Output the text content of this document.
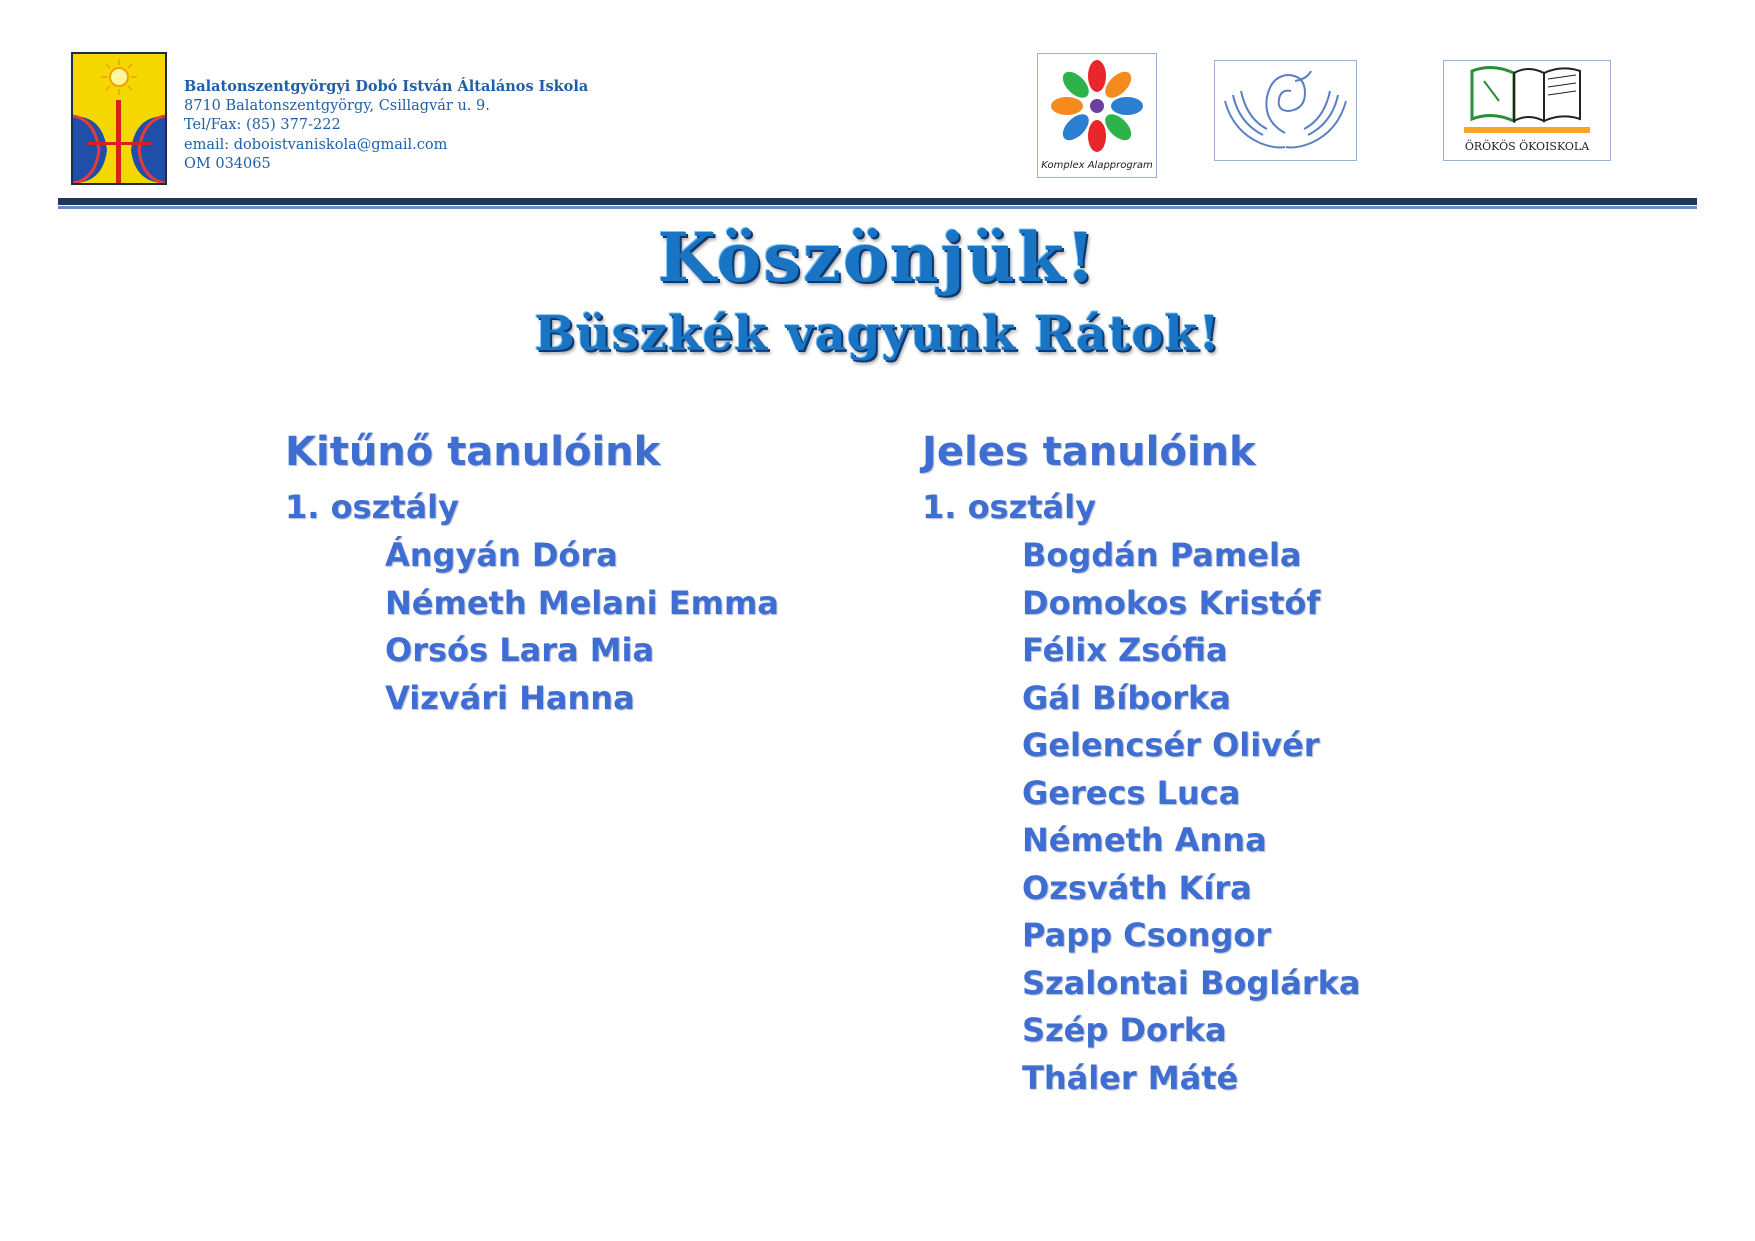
Balatonszentgyörgyi Dobó István Általános Iskola
8710 Balatonszentgyörgy, Csillagvár u. 9.
Tel/Fax: (85) 377-222
email: doboistvaniskola@gmail.com
OM 034065	Komplex Alapprogram
ÖRÖKÖS ÖKOISKOLA
Köszönjük!
Büszkék vagyunk Rátok!
Kitűnő tanulóink
1. osztály
Ángyán Dóra
Németh Melani Emma
Orsós Lara Mia
Vizvári Hanna
Jeles tanulóink
1. osztály
Bogdán Pamela
Domokos Kristóf
Félix Zsófia
Gál Bíborka
Gelencsér Olivér
Gerecs Luca
Németh Anna
Ozsváth Kíra
Papp Csongor
Szalontai Boglárka
Szép Dorka
Tháler Máté
